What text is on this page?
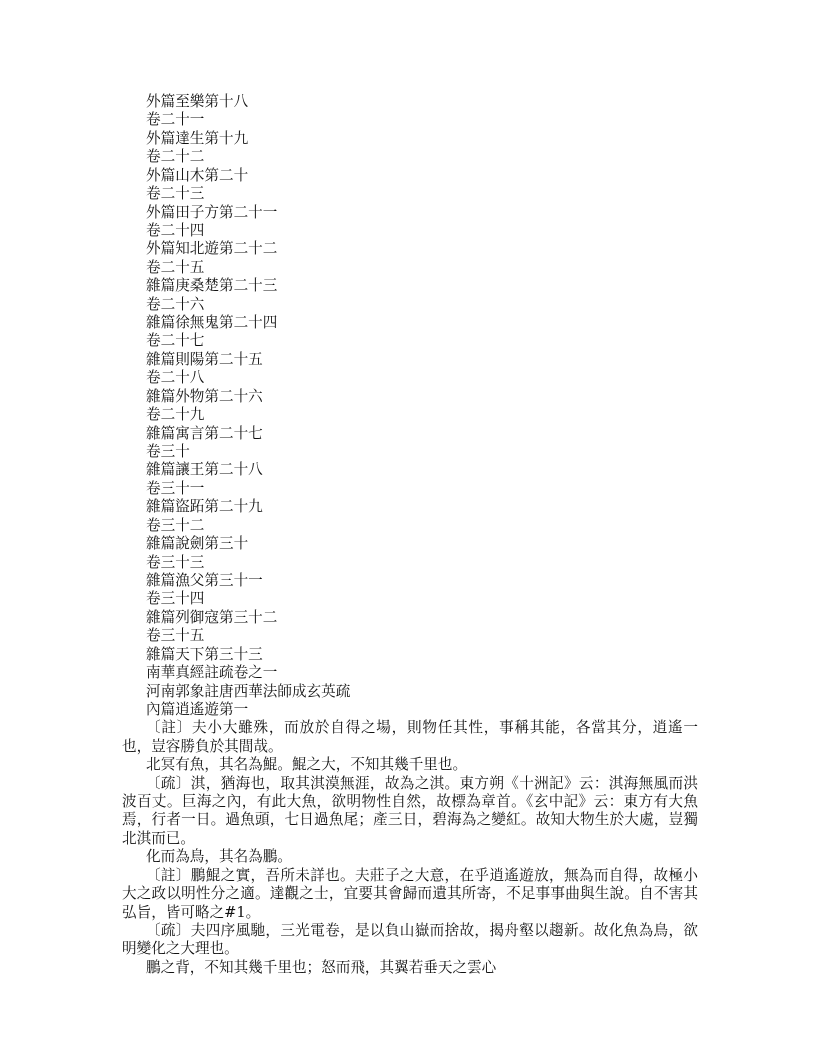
外篇至樂第十八
卷二十一
外篇達生第十九
卷二十二
外篇山木第二十
卷二十三
外篇田子方第二十一
卷二十四
外篇知北遊第二十二
卷二十五
雜篇庚桑楚第二十三
卷二十六
雜篇徐無鬼第二十四
卷二十七
雜篇則陽第二十五
卷二十八
雜篇外物第二十六
卷二十九
雜篇寓言第二十七
卷三十
雜篇讓王第二十八
卷三十一
雜篇盜跖第二十九
卷三十二
雜篇說劍第三十
卷三十三
雜篇漁父第三十一
卷三十四
雜篇列御寇第三十二
卷三十五
雜篇天下第三十三
南華真經註疏卷之一
河南郭象註唐西華法師成玄英疏
內篇逍遙遊第一
〔註〕夫小大雖殊，而放於自得之場，則物任其性，事稱其能，各當其分，逍遙一也，豈容勝負於其間哉。
北冥有魚，其名為鯤。鯤之大，不知其幾千里也。
〔疏〕淇，猶海也，取其淇漠無涯，故為之淇。東方朔《十洲記》云：淇海無風而洪波百丈。巨海之內，有此大魚，欲明物性自然，故標為章首。《玄中記》云：東方有大魚焉，行者一日。過魚頭，七日過魚尾；產三日，碧海為之變紅。故知大物生於大處，豈獨北淇而已。
化而為鳥，其名為鵬。
〔註〕鵬鯤之實，吾所未詳也。夫莊子之大意，在乎逍遙遊放，無為而自得，故極小大之政以明性分之適。達觀之士，宜要其會歸而遺其所寄，不足事事曲與生說。自不害其弘旨，皆可略之#1。
〔疏〕夫四序風馳，三光電卷，是以負山嶽而捨故，揭舟壑以趨新。故化魚為鳥，欲明變化之大理也。
鵬之背，不知其幾千里也；怒而飛，其翼若垂天之雲心
